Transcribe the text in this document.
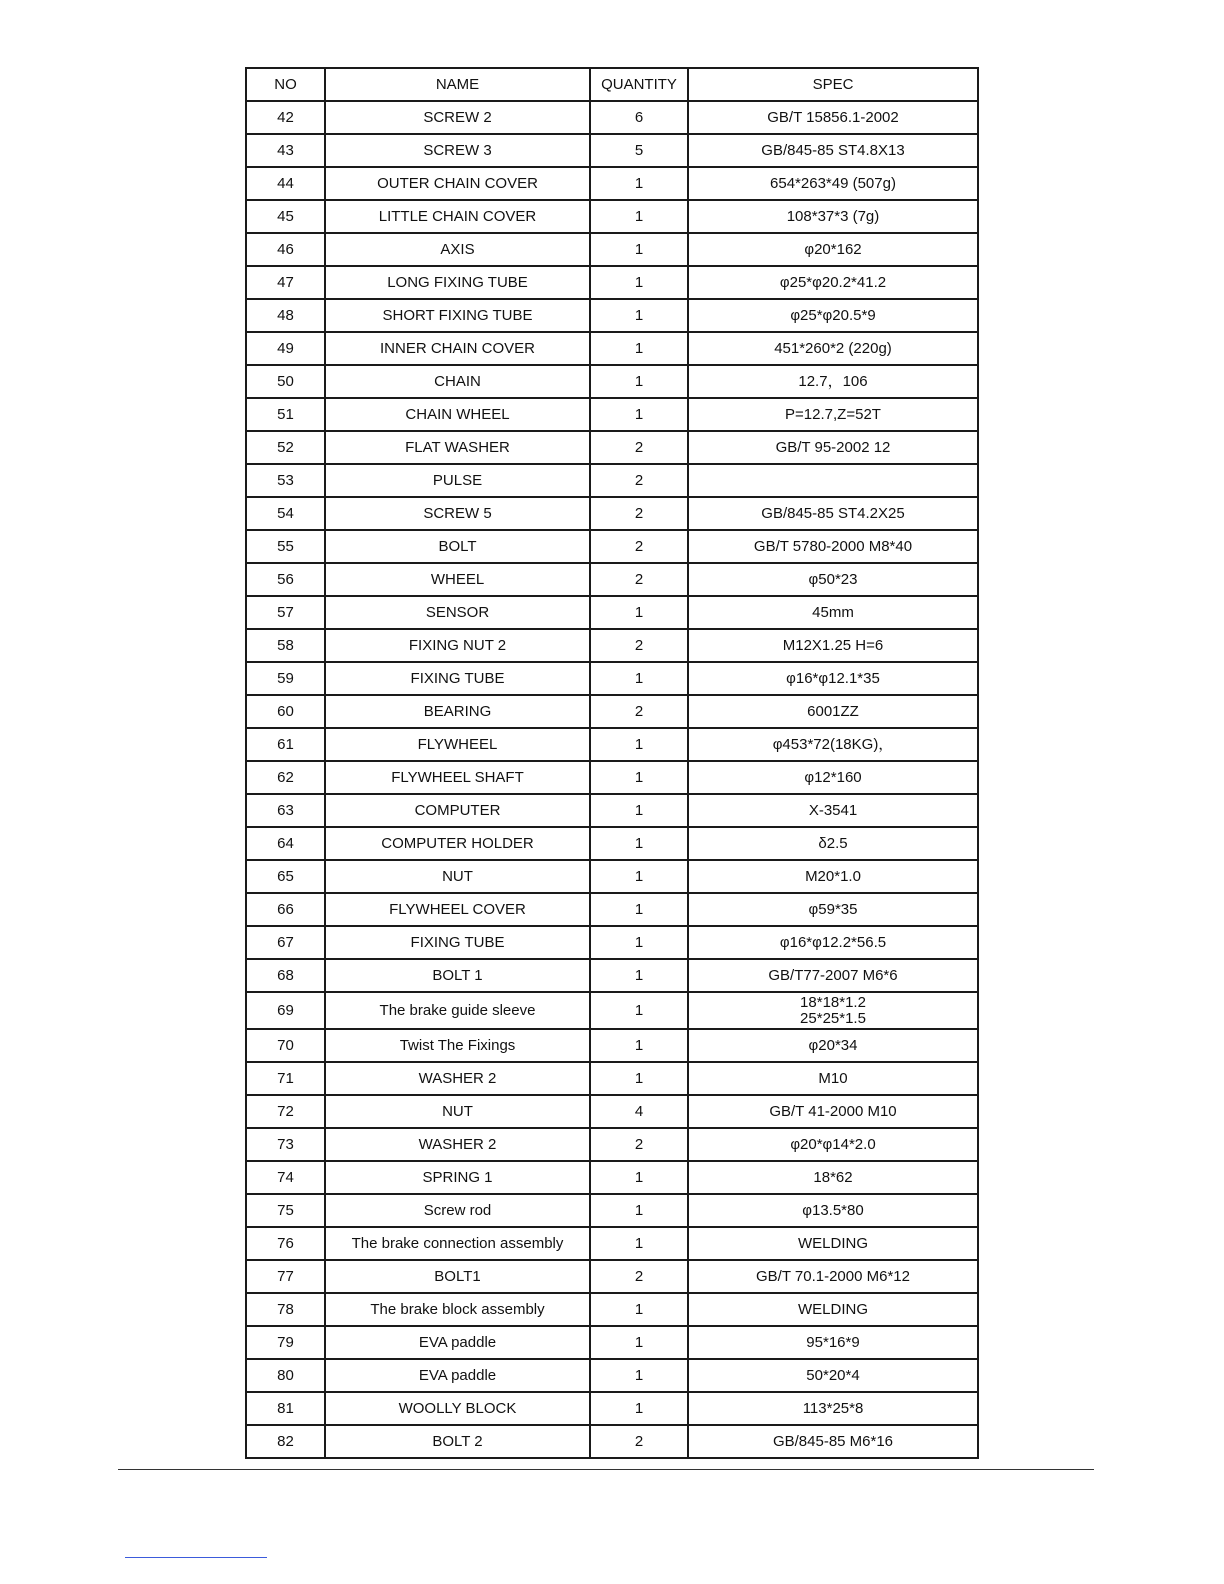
NO	NAME	QUANTITY	SPEC
42	SCREW 2	6	GB/T 15856.1-2002

43	SCREW 3	5	GB/845-85 ST4.8X13

44	OUTER CHAIN COVER	1	654*263*49 (507g)

45	LITTLE CHAIN COVER	1	108*37*3 (7g)

46	AXIS	1	φ20*162

47	LONG FIXING TUBE	1	φ25*φ20.2*41.2

48	SHORT FIXING TUBE	1	φ25*φ20.5*9

49	INNER CHAIN COVER	1	451*260*2 (220g)

50	CHAIN	1	12.7，106

51	CHAIN WHEEL	1	P=12.7,Z=52T

52	FLAT WASHER	2	GB/T 95-2002 12

53	PULSE	2	

54	SCREW 5	2	GB/845-85 ST4.2X25

55	BOLT	2	GB/T 5780-2000 M8*40

56	WHEEL	2	φ50*23

57	SENSOR	1	45mm

58	FIXING NUT 2	2	M12X1.25 H=6

59	FIXING TUBE	1	φ16*φ12.1*35

60	BEARING	2	6001ZZ

61	FLYWHEEL	1	φ453*72(18KG)，

62	FLYWHEEL SHAFT	1	φ12*160

63	COMPUTER	1	X-3541

64	COMPUTER HOLDER	1	δ2.5

65	NUT	1	M20*1.0

66	FLYWHEEL COVER	1	φ59*35

67	FIXING TUBE	1	φ16*φ12.2*56.5

68	BOLT 1	1	GB/T77-2007 M6*6

69	The brake guide sleeve	1	18*18*1.2
25*25*1.5

70	Twist The Fixings	1	φ20*34

71	WASHER 2	1	M10

72	NUT	4	GB/T 41-2000 M10

73	WASHER 2	2	φ20*φ14*2.0

74	SPRING 1	1	18*62

75	Screw rod	1	φ13.5*80

76	The brake connection assembly	1	WELDING

77	BOLT1	2	GB/T 70.1-2000 M6*12

78	The brake block assembly	1	WELDING

79	EVA paddle	1	95*16*9

80	EVA paddle	1	50*20*4

81	WOOLLY BLOCK	1	113*25*8

82	BOLT 2	2	GB/845-85 M6*16
